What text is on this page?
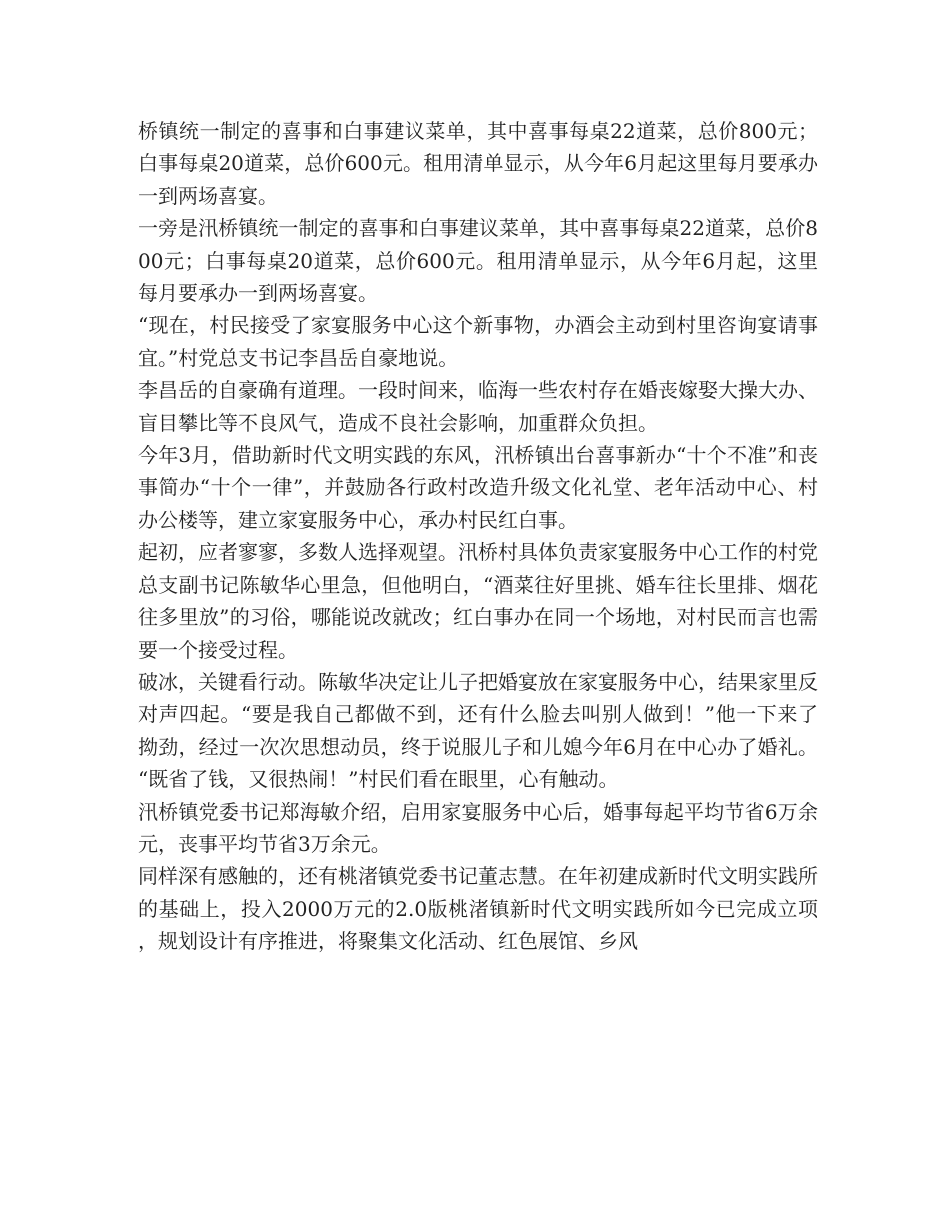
桥镇统一制定的喜事和白事建议菜单，其中喜事每桌22道菜，总价800元；白事每桌20道菜，总价600元。租用清单显示，从今年6月起这里每月要承办一到两场喜宴。

一旁是汛桥镇统一制定的喜事和白事建议菜单，其中喜事每桌22道菜，总价800元；白事每桌20道菜，总价600元。租用清单显示，从今年6月起，这里每月要承办一到两场喜宴。

“现在，村民接受了家宴服务中心这个新事物，办酒会主动到村里咨询宴请事宜。”村党总支书记李昌岳自豪地说。

李昌岳的自豪确有道理。一段时间来，临海一些农村存在婚丧嫁娶大操大办、盲目攀比等不良风气，造成不良社会影响，加重群众负担。

今年3月，借助新时代文明实践的东风，汛桥镇出台喜事新办“十个不准”和丧事简办“十个一律”，并鼓励各行政村改造升级文化礼堂、老年活动中心、村办公楼等，建立家宴服务中心，承办村民红白事。

起初，应者寥寥，多数人选择观望。汛桥村具体负责家宴服务中心工作的村党总支副书记陈敏华心里急，但他明白，“酒菜往好里挑、婚车往长里排、烟花往多里放”的习俗，哪能说改就改；红白事办在同一个场地，对村民而言也需要一个接受过程。

破冰，关键看行动。陈敏华决定让儿子把婚宴放在家宴服务中心，结果家里反对声四起。“要是我自己都做不到，还有什么脸去叫别人做到！”他一下来了拗劲，经过一次次思想动员，终于说服儿子和儿媳今年6月在中心办了婚礼。“既省了钱，又很热闹！”村民们看在眼里，心有触动。

汛桥镇党委书记郑海敏介绍，启用家宴服务中心后，婚事每起平均节省6万余元，丧事平均节省3万余元。

同样深有感触的，还有桃渚镇党委书记董志慧。在年初建成新时代文明实践所的基础上，投入2000万元的2.0版桃渚镇新时代文明实践所如今已完成立项，规划设计有序推进，将聚集文化活动、红色展馆、乡风
